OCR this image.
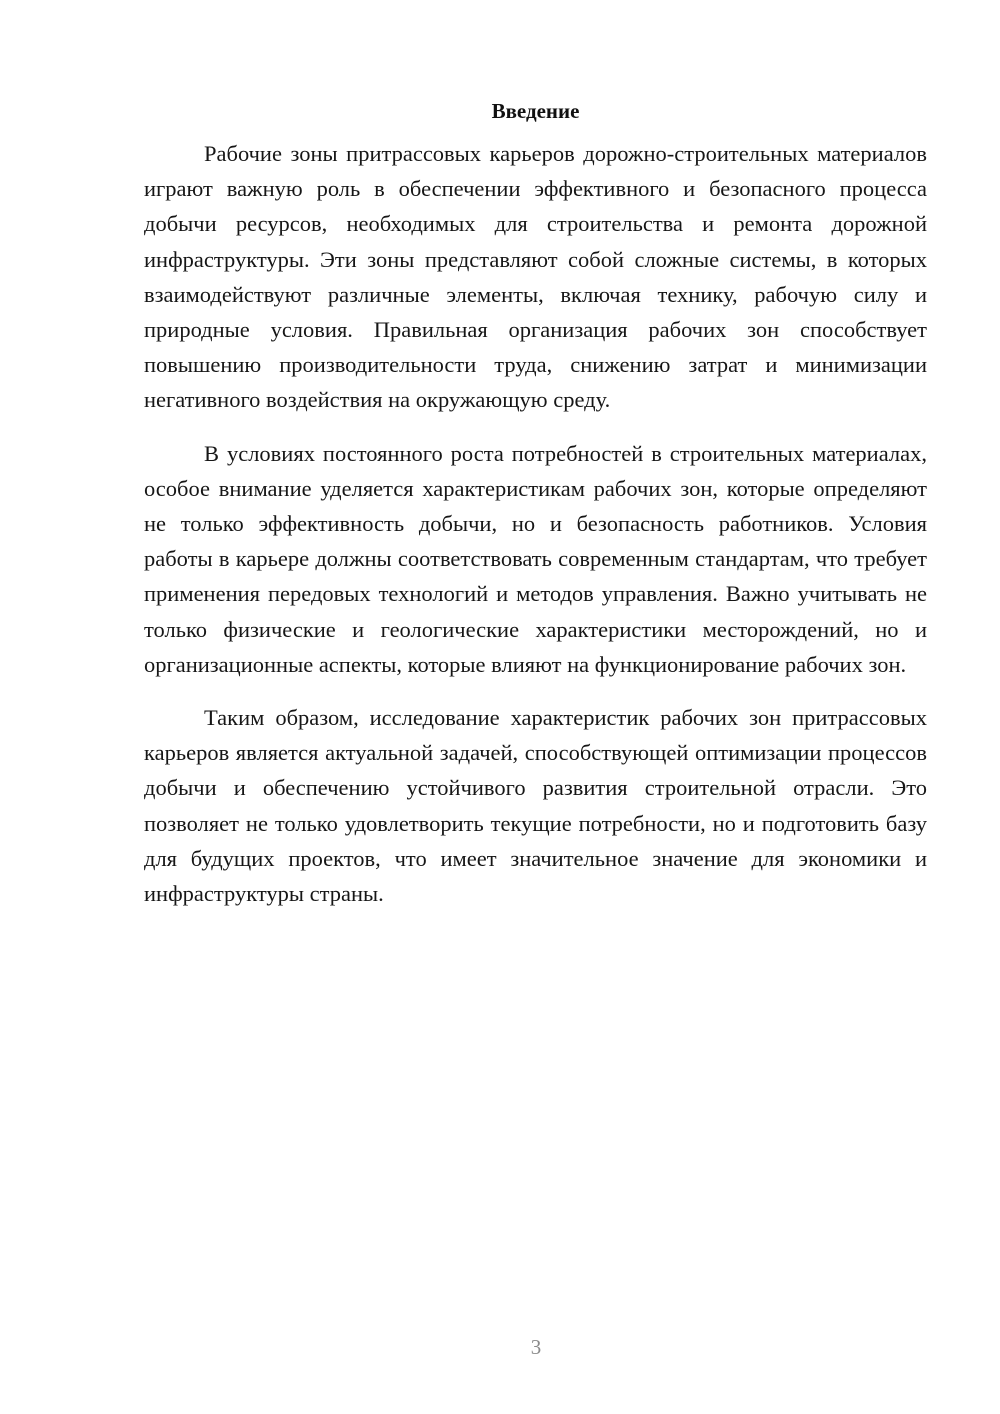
Введение

Рабочие зоны притрассовых карьеров дорожно-строительных материалов играют важную роль в обеспечении эффективного и безопасного процесса добычи ресурсов, необходимых для строительства и ремонта дорожной инфраструктуры. Эти зоны представляют собой сложные системы, в которых взаимодействуют различные элементы, включая технику, рабочую силу и природные условия. Правильная организация рабочих зон способствует повышению производительности труда, снижению затрат и минимизации негативного воздействия на окружающую среду.

В условиях постоянного роста потребностей в строительных материалах, особое внимание уделяется характеристикам рабочих зон, которые определяют не только эффективность добычи, но и безопасность работников. Условия работы в карьере должны соответствовать современным стандартам, что требует применения передовых технологий и методов управления. Важно учитывать не только физические и геологические характеристики месторождений, но и организационные аспекты, которые влияют на функционирование рабочих зон.

Таким образом, исследование характеристик рабочих зон притрассовых карьеров является актуальной задачей, способствующей оптимизации процессов добычи и обеспечению устойчивого развития строительной отрасли. Это позволяет не только удовлетворить текущие потребности, но и подготовить базу для будущих проектов, что имеет значительное значение для экономики и инфраструктуры страны.

3
